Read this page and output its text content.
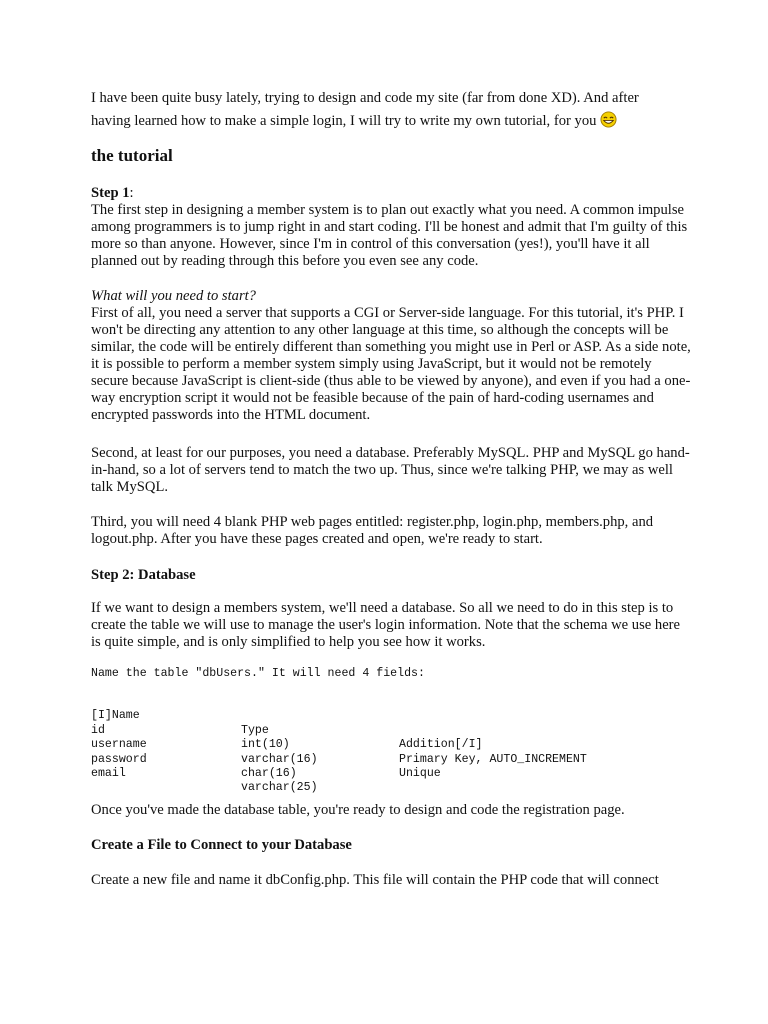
I have been quite busy lately, trying to design and code my site (far from done XD). And after
having learned how to make a simple login, I will try to write my own tutorial, for you
the tutorial

Step 1:

The first step in designing a member system is to plan out exactly what you need. A common impulse among programmers is to jump right in and start coding. I'll be honest and admit that I'm guilty of this more so than anyone. However, since I'm in control of this conversation (yes!), you'll have it all planned out by reading through this before you even see any code.

What will you need to start?

First of all, you need a server that supports a CGI or Server-side language. For this tutorial, it's PHP. I won't be directing any attention to any other language at this time, so although the concepts will be similar, the code will be entirely different than something you might use in Perl or ASP. As a side note, it is possible to perform a member system simply using JavaScript, but it would not be remotely secure because JavaScript is client-side (thus able to be viewed by anyone), and even if you had a one-way encryption script it would not be feasible because of the pain of hard-coding usernames and encrypted passwords into the HTML document.

Second, at least for our purposes, you need a database. Preferably MySQL. PHP and MySQL go hand-in-hand, so a lot of servers tend to match the two up. Thus, since we're talking PHP, we may as well talk MySQL.

Third, you will need 4 blank PHP web pages entitled: register.php, login.php, members.php, and logout.php. After you have these pages created and open, we're ready to start.

Step 2: Database

If we want to design a members system, we'll need a database. So all we need to do in this step is to create the table we will use to manage the user's login information. Note that the schema we use here is quite simple, and is only simplified to help you see how it works.

Name the table "dbUsers." It will need 4 fields:

[I]Name

Type

Addition[/I]

id

int(10)

Primary Key, AUTO_INCREMENT

username

varchar(16)

Unique

password

char(16)

email

varchar(25)

Once you've made the database table, you're ready to design and code the registration page.

Create a File to Connect to your Database

Create a new file and name it dbConfig.php. This file will contain the PHP code that will connect
